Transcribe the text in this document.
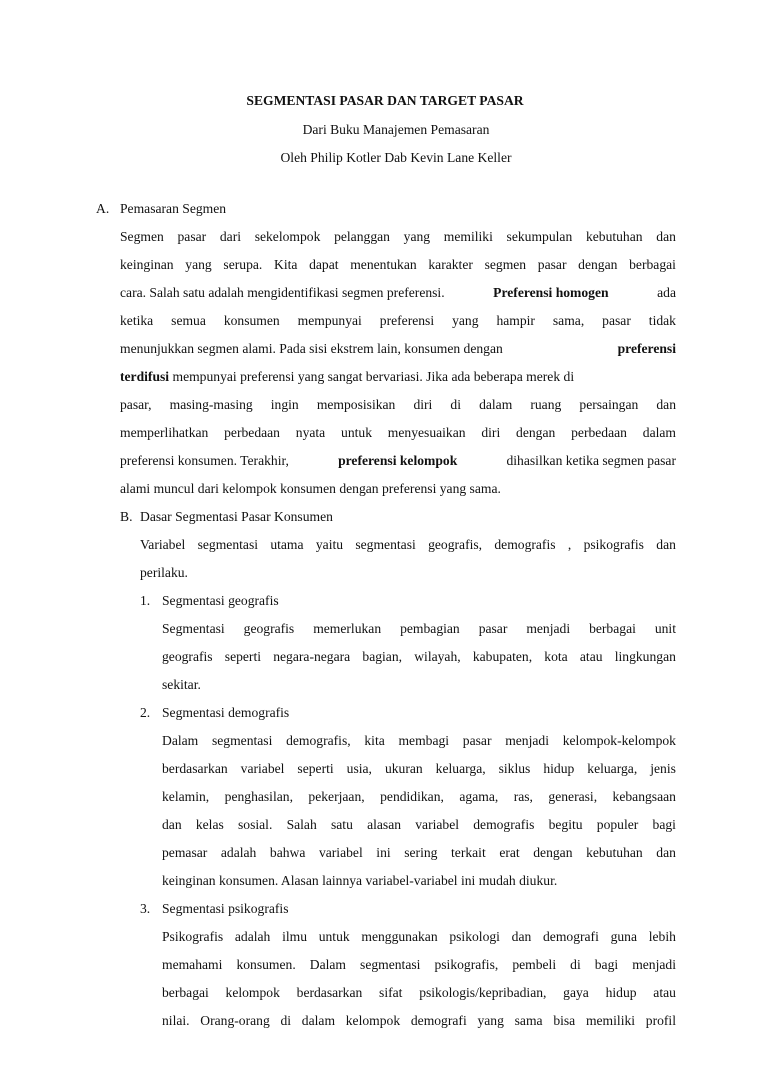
SEGMENTASI PASAR DAN TARGET PASAR
Dari Buku Manajemen Pemasaran
Oleh Philip Kotler Dab Kevin Lane Keller
A. Pemasaran Segmen
Segmen pasar dari sekelompok pelanggan yang memiliki sekumpulan kebutuhan dan
keinginan yang serupa. Kita dapat menentukan karakter segmen pasar dengan berbagai
cara. Salah satu adalah mengidentifikasi segmen preferensi.	Preferensi homogen	ada
ketika semua konsumen mempunyai preferensi yang hampir sama, pasar tidak
menunjukkan segmen alami. Pada sisi ekstrem lain, konsumen dengan	preferensi
terdifusi mempunyai preferensi yang sangat bervariasi. Jika ada beberapa merek di
pasar, masing-masing ingin memposisikan diri di dalam ruang persaingan dan
memperlihatkan perbedaan nyata untuk menyesuaikan diri dengan perbedaan dalam
preferensi konsumen. Terakhir,	preferensi kelompok	dihasilkan ketika segmen pasar
alami muncul dari kelompok konsumen dengan preferensi yang sama.
B. Dasar Segmentasi Pasar Konsumen
Variabel segmentasi utama yaitu segmentasi geografis, demografis , psikografis dan
perilaku.
1. Segmentasi geografis
Segmentasi geografis memerlukan pembagian pasar menjadi berbagai unit
geografis seperti negara-negara bagian, wilayah, kabupaten, kota atau lingkungan
sekitar.
2. Segmentasi demografis
Dalam segmentasi demografis, kita membagi pasar menjadi kelompok-kelompok
berdasarkan variabel seperti usia, ukuran keluarga, siklus hidup keluarga, jenis
kelamin, penghasilan, pekerjaan, pendidikan, agama, ras, generasi, kebangsaan
dan kelas sosial. Salah satu alasan variabel demografis begitu populer bagi
pemasar adalah bahwa variabel ini sering terkait erat dengan kebutuhan dan
keinginan konsumen. Alasan lainnya variabel-variabel ini mudah diukur.
3. Segmentasi psikografis
Psikografis adalah ilmu untuk menggunakan psikologi dan demografi guna lebih
memahami konsumen. Dalam segmentasi psikografis, pembeli di bagi menjadi
berbagai kelompok berdasarkan sifat psikologis/kepribadian, gaya hidup atau
nilai. Orang-orang di dalam kelompok demografi yang sama bisa memiliki profil
